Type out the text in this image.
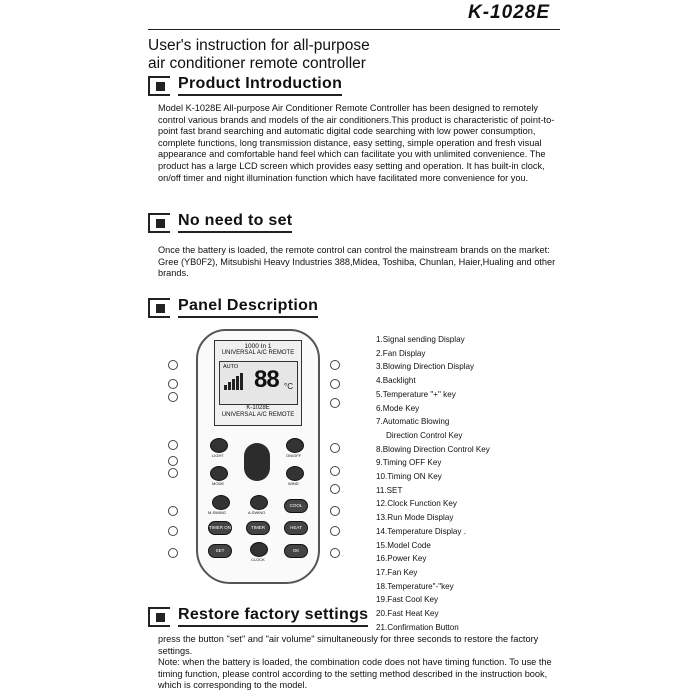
K-1028E
User's instruction for all-purpose
air conditioner remote controller
Product Introduction

Model K-1028E All-purpose Air Conditioner Remote Controller has been designed to remotely control various brands and models of the air conditioners.This product is characteristic of point-to-point fast brand searching and automatic digital code searching with low power consumption, complete functions, long transmission distance, easy setting, simple operation and fresh visual appearance and comfortable hand feel which can facilitate you with unlimited convenience. The product has a large LCD screen which provides easy setting and operation. It has built-in clock, on/off timer and night illumination function which have facilitated more convenience for you.

No need to set

Once the battery is loaded, the remote control can control the mainstream brands on the market: Gree (YB0F2), Mitsubishi Heavy Industries 388,Midea, Toshiba, Chunlan, Haier,Hualing and other brands.

Panel Description
1000 In 1
UNIVERSAL A/C REMOTE
AUTO 88 °C
K-1028E
UNIVERSAL A/C REMOTE
LIGHT	ON/OFF
MODE	WIND
M.SWING	A.SWING
COOL
TIMER ON	TIMER OFF
HEAT
SET
CLOCK
OK
1.Signal sending Display
2.Fan Display
3.Blowing Direction Display
4.Backlight
5.Temperature "+" key
6.Mode Key
7.Automatic Blowing
Direction Control Key
8.Blowing Direction Control Key
9.Timing OFF Key
10.Timing ON Key
11.SET
12.Clock Function Key
13.Run Mode Display
14.Temperature Display .
15.Model Code
16.Power Key
17.Fan Key
18.Temperature"-"key
19.Fast Cool Key
20.Fast Heat Key
21.Confirmation Button
Restore factory settings

press the button "set" and "air volume" simultaneously for three seconds to restore the factory settings.

Note: when the battery is loaded, the combination code does not have timing function. To use the timing function, please control according to the setting method described in the instruction book, which is corresponding to the model.
